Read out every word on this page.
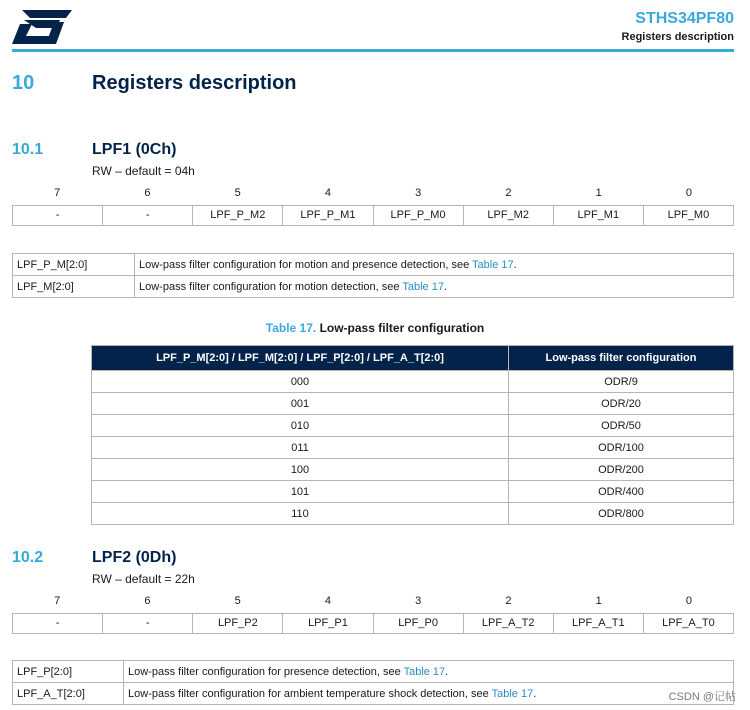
STHS34PF80
Registers description
10	Registers description
10.1	LPF1 (0Ch)
RW – default = 04h
7	6	5	4	3	2	1	0
-	-	LPF_P_M2	LPF_P_M1	LPF_P_M0	LPF_M2	LPF_M1	LPF_M0
LPF_P_M[2:0]	Low-pass filter configuration for motion and presence detection, see Table 17.
LPF_M[2:0]	Low-pass filter configuration for motion detection, see Table 17.
Table 17. Low-pass filter configuration
LPF_P_M[2:0] / LPF_M[2:0] / LPF_P[2:0] / LPF_A_T[2:0]	Low-pass filter configuration
000	ODR/9
001	ODR/20
010	ODR/50
011	ODR/100
100	ODR/200
101	ODR/400
110	ODR/800
10.2	LPF2 (0Dh)
RW – default = 22h
7	6	5	4	3	2	1	0
-	-	LPF_P2	LPF_P1	LPF_P0	LPF_A_T2	LPF_A_T1	LPF_A_T0
LPF_P[2:0]	Low-pass filter configuration for presence detection, see Table 17.
LPF_A_T[2:0]	Low-pass filter configuration for ambient temperature shock detection, see Table 17.	CSDN @记帖
